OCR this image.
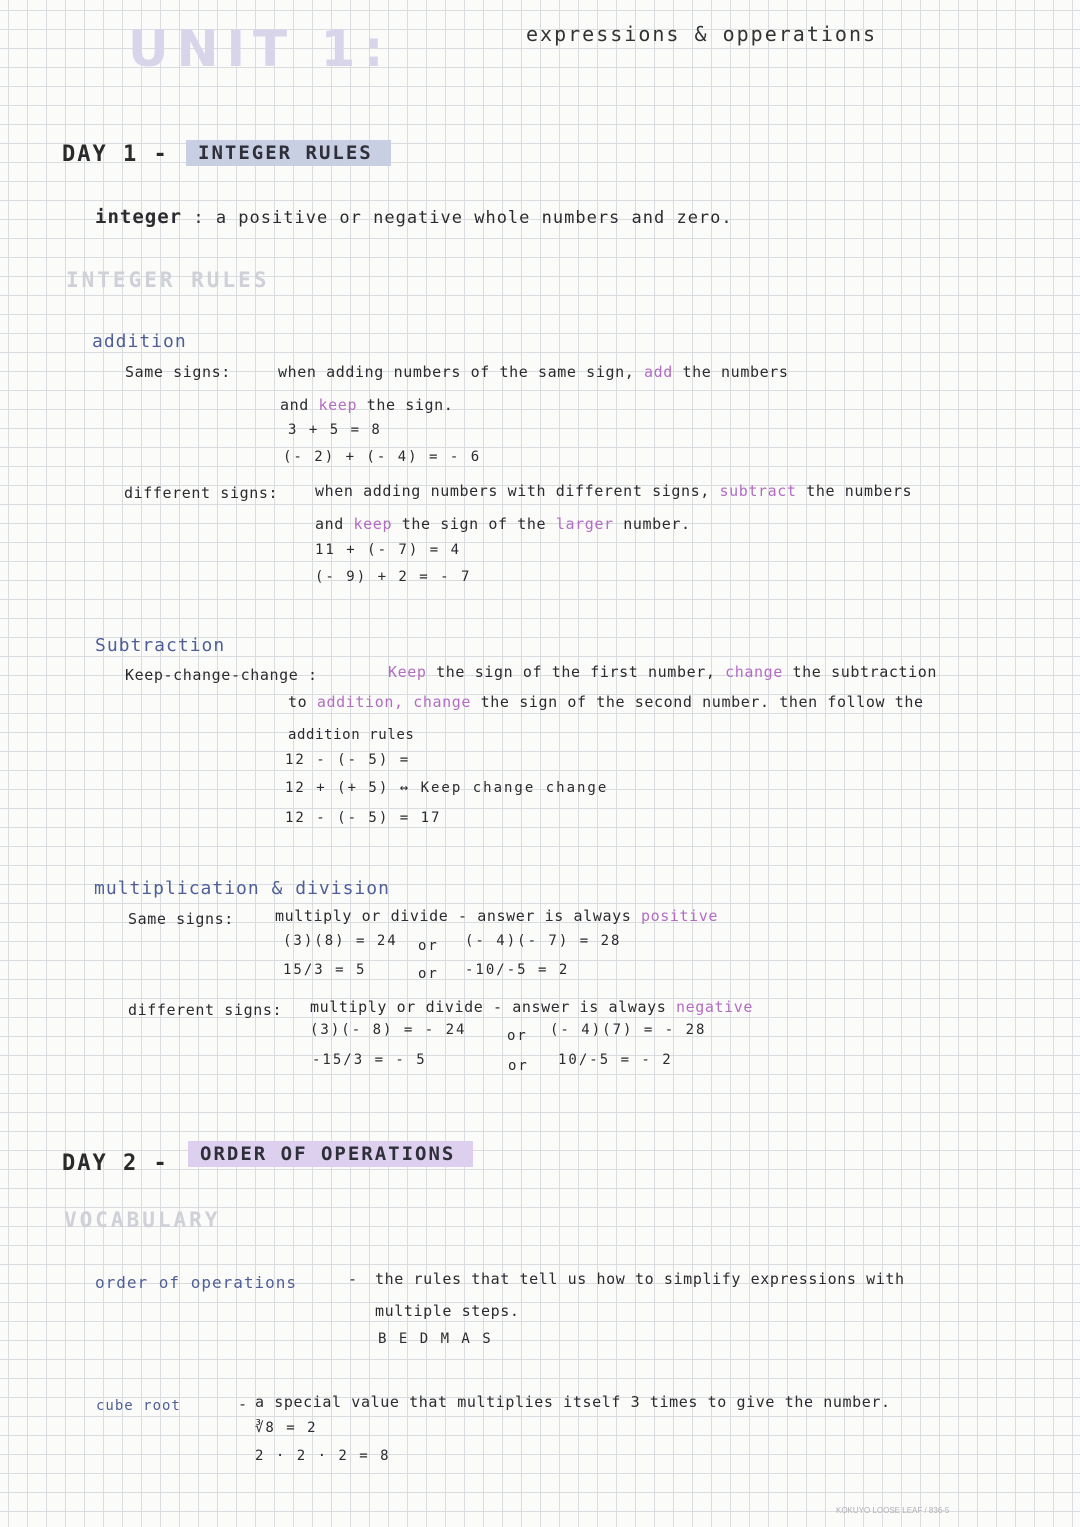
UNIT 1:	expressions & opperations
DAY 1 -	INTEGER RULES
integer : a positive or negative whole numbers and zero.
INTEGER RULES
addition
Same signs:	when adding numbers of the same sign, add the numbers
and keep the sign.
3 + 5 = 8
(- 2) + (- 4) = - 6
different signs: when adding numbers with different signs, subtract the numbers
and keep the sign of the larger number.
11 + (- 7) = 4
(- 9) + 2 = - 7
Subtraction
Keep-change-change :	Keep the sign of the first number, change the subtraction
to addition, change the sign of the second number. then follow the
addition rules
12 - (- 5) =
12 + (+ 5) ↔ Keep change change
12 - (- 5) = 17
multiplication & division
Same signs:	multiply or divide - answer is always positive
(3)(8) = 24 or (- 4)(- 7) = 28
15/3 = 5	or -10/-5 = 2
different signs: multiply or divide - answer is always negative
(3)(- 8) = - 24	or (- 4)(7) = - 28
-15/3 = - 5	or 10/-5 = - 2
DAY 2 -	ORDER OF OPERATIONS
VOCABULARY
order of operations	- the rules that tell us how to simplify expressions with
multiple steps.
B E D M A S
cube root	- a special value that multiplies itself 3 times to give the number.
∛8 = 2
2 · 2 · 2 = 8
KOKUYO LOOSE LEAF / 836-5
